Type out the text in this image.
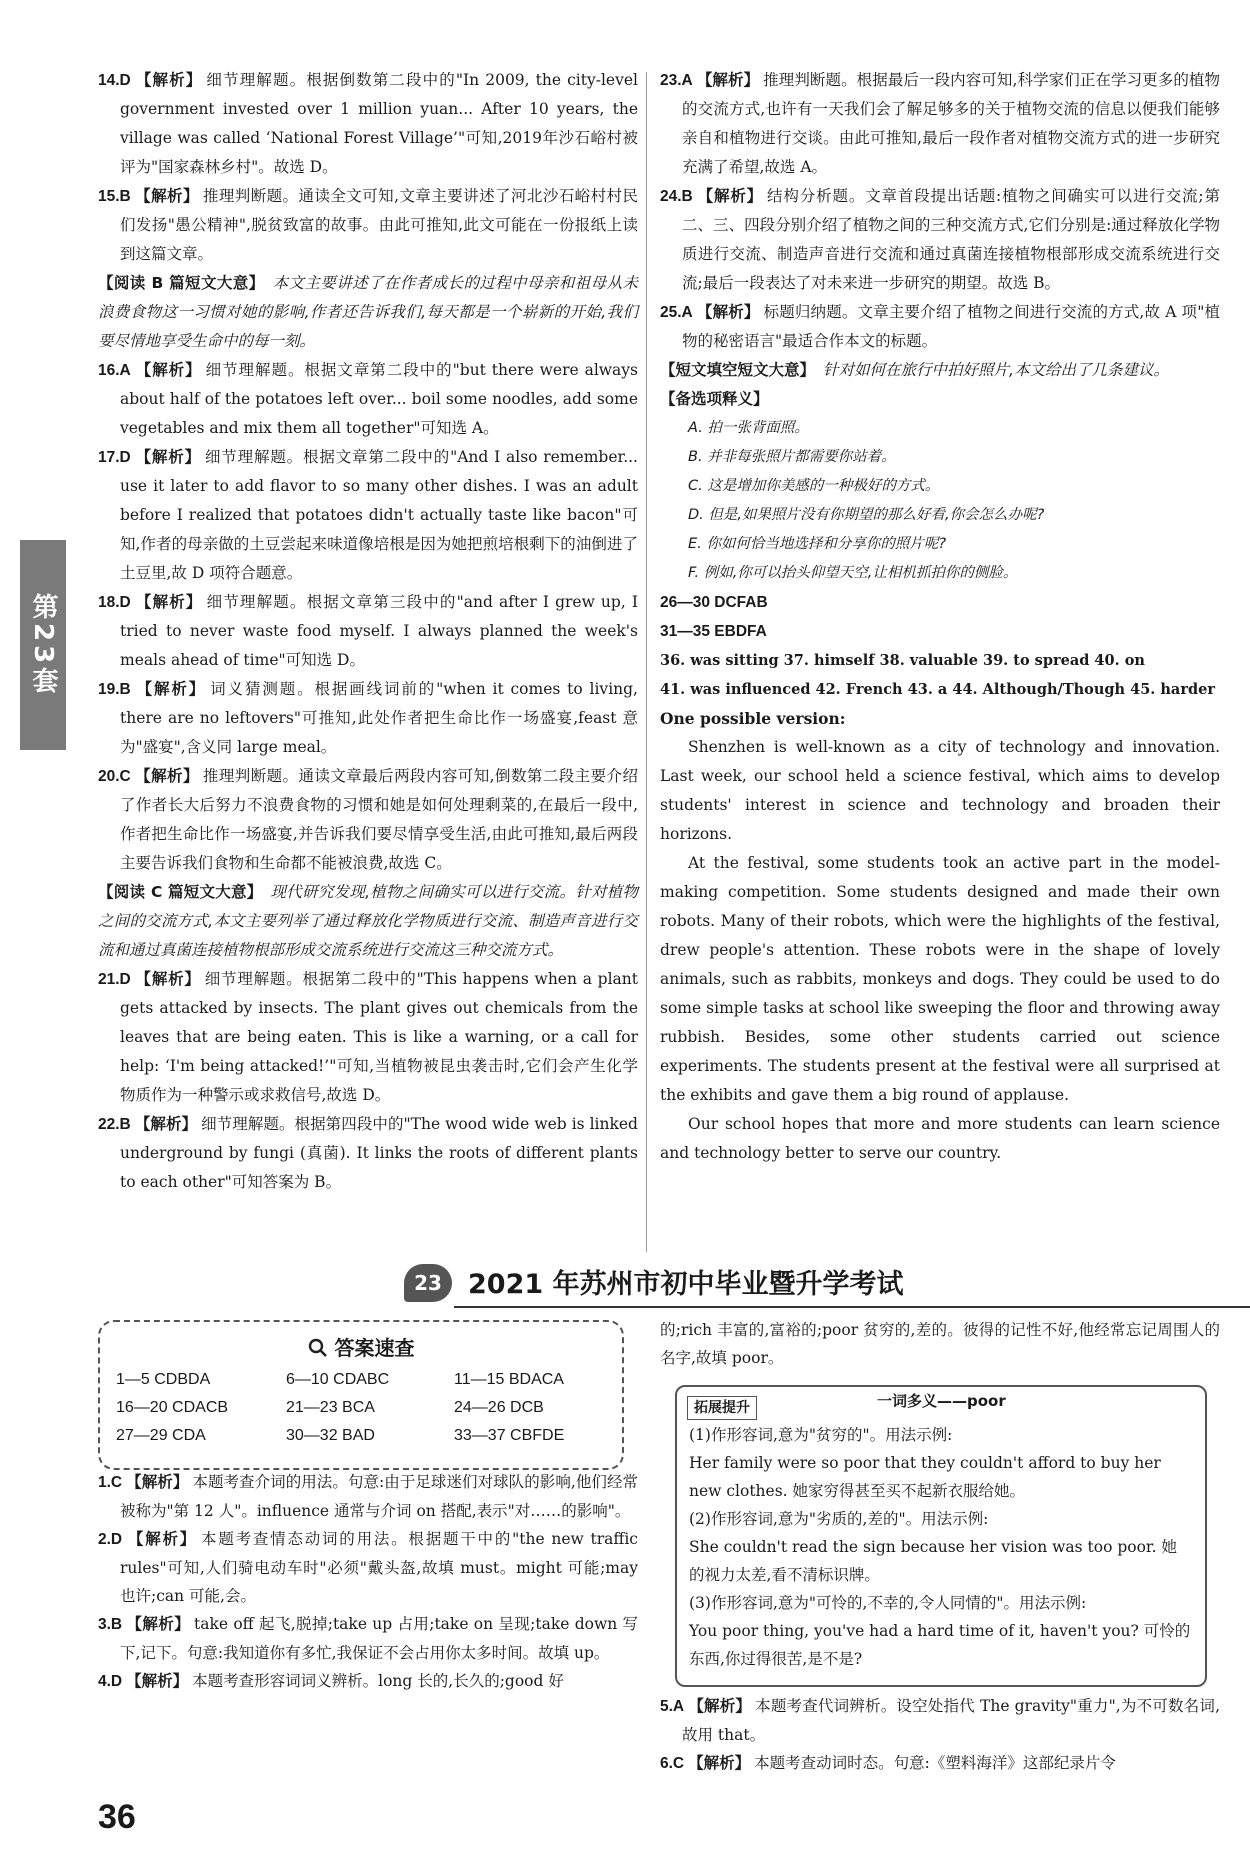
第23套

14.D 【解析】 细节理解题。根据倒数第二段中的"In 2009, the city-level government invested over 1 million yuan... After 10 years, the village was called ‘National Forest Village’"可知,2019年沙石峪村被评为"国家森林乡村"。故选 D。

15.B 【解析】 推理判断题。通读全文可知,文章主要讲述了河北沙石峪村村民们发扬"愚公精神",脱贫致富的故事。由此可推知,此文可能在一份报纸上读到这篇文章。

【阅读 B 篇短文大意】 本文主要讲述了在作者成长的过程中母亲和祖母从未浪费食物这一习惯对她的影响,作者还告诉我们,每天都是一个崭新的开始,我们要尽情地享受生命中的每一刻。

16.A 【解析】 细节理解题。根据文章第二段中的"but there were always about half of the potatoes left over... boil some noodles, add some vegetables and mix them all together"可知选 A。

17.D 【解析】 细节理解题。根据文章第二段中的"And I also remember... use it later to add flavor to so many other dishes. I was an adult before I realized that potatoes didn't actually taste like bacon"可知,作者的母亲做的土豆尝起来味道像培根是因为她把煎培根剩下的油倒进了土豆里,故 D 项符合题意。

18.D 【解析】 细节理解题。根据文章第三段中的"and after I grew up, I tried to never waste food myself. I always planned the week's meals ahead of time"可知选 D。

19.B 【解析】 词义猜测题。根据画线词前的"when it comes to living, there are no leftovers"可推知,此处作者把生命比作一场盛宴,feast 意为"盛宴",含义同 large meal。

20.C 【解析】 推理判断题。通读文章最后两段内容可知,倒数第二段主要介绍了作者长大后努力不浪费食物的习惯和她是如何处理剩菜的,在最后一段中,作者把生命比作一场盛宴,并告诉我们要尽情享受生活,由此可推知,最后两段主要告诉我们食物和生命都不能被浪费,故选 C。

【阅读 C 篇短文大意】 现代研究发现,植物之间确实可以进行交流。针对植物之间的交流方式,本文主要列举了通过释放化学物质进行交流、制造声音进行交流和通过真菌连接植物根部形成交流系统进行交流这三种交流方式。

21.D 【解析】 细节理解题。根据第二段中的"This happens when a plant gets attacked by insects. The plant gives out chemicals from the leaves that are being eaten. This is like a warning, or a call for help: ‘I'm being attacked!’"可知,当植物被昆虫袭击时,它们会产生化学物质作为一种警示或求救信号,故选 D。

22.B 【解析】 细节理解题。根据第四段中的"The wood wide web is linked underground by fungi (真菌). It links the roots of different plants to each other"可知答案为 B。

23.A 【解析】 推理判断题。根据最后一段内容可知,科学家们正在学习更多的植物的交流方式,也许有一天我们会了解足够多的关于植物交流的信息以便我们能够亲自和植物进行交谈。由此可推知,最后一段作者对植物交流方式的进一步研究充满了希望,故选 A。

24.B 【解析】 结构分析题。文章首段提出话题:植物之间确实可以进行交流;第二、三、四段分别介绍了植物之间的三种交流方式,它们分别是:通过释放化学物质进行交流、制造声音进行交流和通过真菌连接植物根部形成交流系统进行交流;最后一段表达了对未来进一步研究的期望。故选 B。

25.A 【解析】 标题归纳题。文章主要介绍了植物之间进行交流的方式,故 A 项"植物的秘密语言"最适合作本文的标题。

【短文填空短文大意】 针对如何在旅行中拍好照片,本文给出了几条建议。

【备选项释义】

A. 拍一张背面照。

B. 并非每张照片都需要你站着。

C. 这是增加你美感的一种极好的方式。

D. 但是,如果照片没有你期望的那么好看,你会怎么办呢?

E. 你如何恰当地选择和分享你的照片呢?

F. 例如,你可以抬头仰望天空,让相机抓拍你的侧脸。

26—30 DCFAB

31—35 EBDFA

36. was sitting 37. himself 38. valuable 39. to spread 40. on

41. was influenced 42. French 43. a 44. Although/Though 45. harder

One possible version:

Shenzhen is well-known as a city of technology and innovation. Last week, our school held a science festival, which aims to develop students' interest in science and technology and broaden their horizons.

At the festival, some students took an active part in the model-making competition. Some students designed and made their own robots. Many of their robots, which were the highlights of the festival, drew people's attention. These robots were in the shape of lovely animals, such as rabbits, monkeys and dogs. They could be used to do some simple tasks at school like sweeping the floor and throwing away rubbish. Besides, some other students carried out science experiments. The students present at the festival were all surprised at the exhibits and gave them a big round of applause.

Our school hopes that more and more students can learn science and technology better to serve our country.

23 2021 年苏州市初中毕业暨升学考试
答案速查
1—5 CDBDA	6—10 CDABC	11—15 BDACA
16—20 CDACB	21—23 BCA	24—26 DCB
27—29 CDA	30—32 BAD	33—37 CBFDE

1.C 【解析】 本题考查介词的用法。句意:由于足球迷们对球队的影响,他们经常被称为"第 12 人"。influence 通常与介词 on 搭配,表示"对……的影响"。

2.D 【解析】 本题考查情态动词的用法。根据题干中的"the new traffic rules"可知,人们骑电动车时"必须"戴头盔,故填 must。might 可能;may 也许;can 可能,会。

3.B 【解析】 take off 起飞,脱掉;take up 占用;take on 呈现;take down 写下,记下。句意:我知道你有多忙,我保证不会占用你太多时间。故填 up。

4.D 【解析】 本题考查形容词词义辨析。long 长的,长久的;good 好

的;rich 丰富的,富裕的;poor 贫穷的,差的。彼得的记性不好,他经常忘记周围人的名字,故填 poor。

拓展提升	一词多义——poor

(1)作形容词,意为"贫穷的"。用法示例:

Her family were so poor that they couldn't afford to buy her new clothes. 她家穷得甚至买不起新衣服给她。

(2)作形容词,意为"劣质的,差的"。用法示例:

She couldn't read the sign because her vision was too poor. 她的视力太差,看不清标识牌。

(3)作形容词,意为"可怜的,不幸的,令人同情的"。用法示例:

You poor thing, you've had a hard time of it, haven't you? 可怜的东西,你过得很苦,是不是?

5.A 【解析】 本题考查代词辨析。设空处指代 The gravity"重力",为不可数名词,故用 that。

6.C 【解析】 本题考查动词时态。句意:《塑料海洋》这部纪录片令

36
